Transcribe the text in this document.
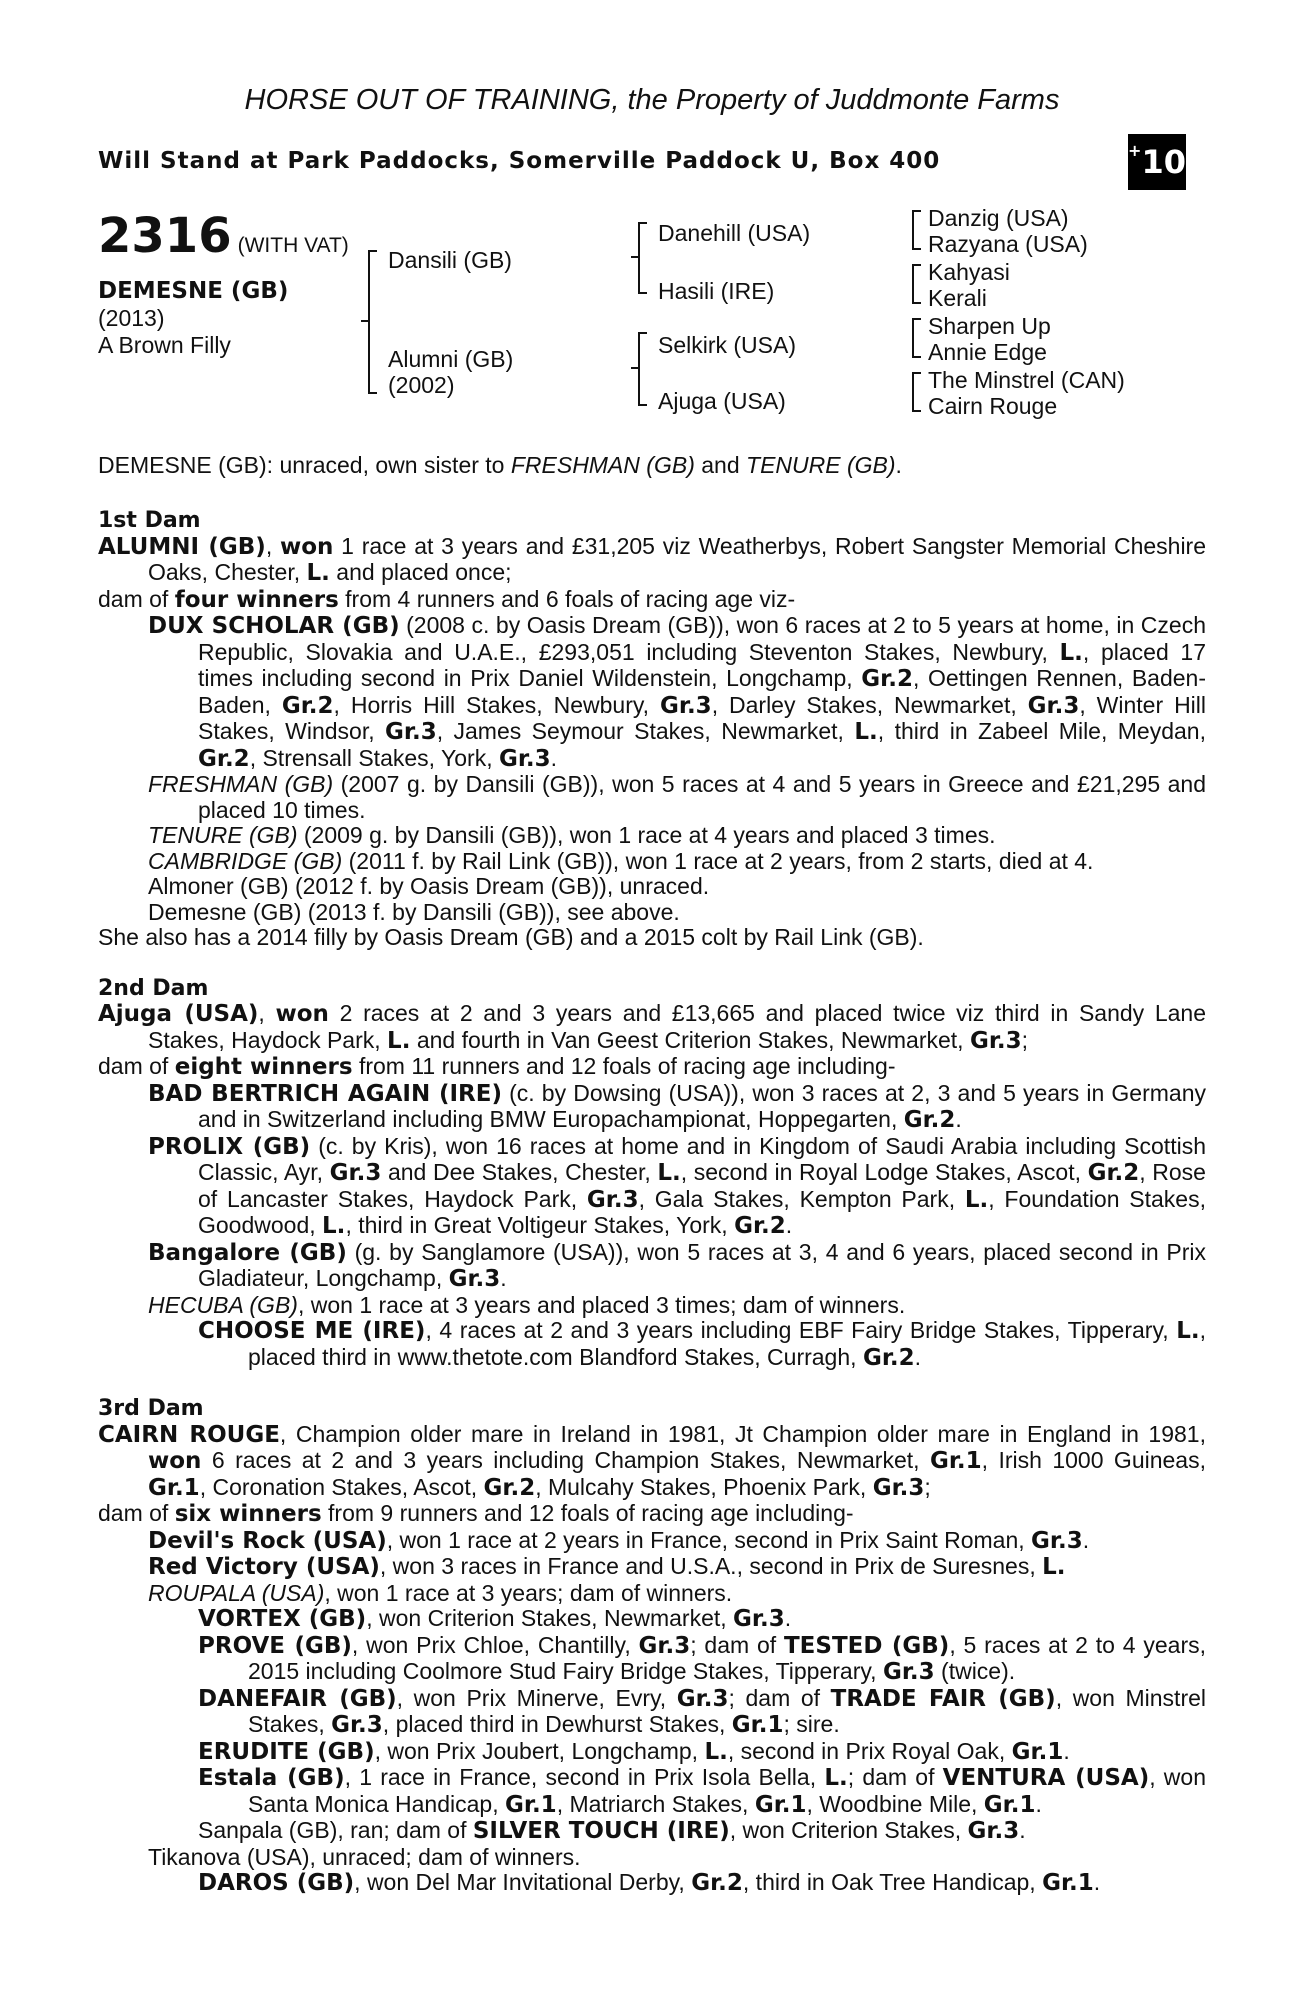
HORSE OUT OF TRAINING, the Property of Juddmonte Farms
Will Stand at Park Paddocks, Somerville Paddock U, Box 400	+10
2316 (WITH VAT)
DEMESNE (GB)
(2013)
A Brown Filly
Dansili (GB)
Alumni (GB)
(2002)
Danehill (USA)
Hasili (IRE)
Selkirk (USA)
Ajuga (USA)
Danzig (USA)
Razyana (USA)
Kahyasi
Kerali
Sharpen Up
Annie Edge
The Minstrel (CAN)
Cairn Rouge
DEMESNE (GB): unraced, own sister to FRESHMAN (GB) and TENURE (GB).
1st Dam

ALUMNI (GB), won 1 race at 3 years and £31,205 viz Weatherbys, Robert Sangster Memorial Cheshire Oaks, Chester, L. and placed once;

dam of four winners from 4 runners and 6 foals of racing age viz-

DUX SCHOLAR (GB) (2008 c. by Oasis Dream (GB)), won 6 races at 2 to 5 years at home, in Czech Republic, Slovakia and U.A.E., £293,051 including Steventon Stakes, Newbury, L., placed 17 times including second in Prix Daniel Wildenstein, Longchamp, Gr.2, Oettingen Rennen, Baden-Baden, Gr.2, Horris Hill Stakes, Newbury, Gr.3, Darley Stakes, Newmarket, Gr.3, Winter Hill Stakes, Windsor, Gr.3, James Seymour Stakes, Newmarket, L., third in Zabeel Mile, Meydan, Gr.2, Strensall Stakes, York, Gr.3.

FRESHMAN (GB) (2007 g. by Dansili (GB)), won 5 races at 4 and 5 years in Greece and £21,295 and placed 10 times.

TENURE (GB) (2009 g. by Dansili (GB)), won 1 race at 4 years and placed 3 times.

CAMBRIDGE (GB) (2011 f. by Rail Link (GB)), won 1 race at 2 years, from 2 starts, died at 4.

Almoner (GB) (2012 f. by Oasis Dream (GB)), unraced.

Demesne (GB) (2013 f. by Dansili (GB)), see above.

She also has a 2014 filly by Oasis Dream (GB) and a 2015 colt by Rail Link (GB).

2nd Dam

Ajuga (USA), won 2 races at 2 and 3 years and £13,665 and placed twice viz third in Sandy Lane Stakes, Haydock Park, L. and fourth in Van Geest Criterion Stakes, Newmarket, Gr.3;

dam of eight winners from 11 runners and 12 foals of racing age including-

BAD BERTRICH AGAIN (IRE) (c. by Dowsing (USA)), won 3 races at 2, 3 and 5 years in Germany and in Switzerland including BMW Europachampionat, Hoppegarten, Gr.2.

PROLIX (GB) (c. by Kris), won 16 races at home and in Kingdom of Saudi Arabia including Scottish Classic, Ayr, Gr.3 and Dee Stakes, Chester, L., second in Royal Lodge Stakes, Ascot, Gr.2, Rose of Lancaster Stakes, Haydock Park, Gr.3, Gala Stakes, Kempton Park, L., Foundation Stakes, Goodwood, L., third in Great Voltigeur Stakes, York, Gr.2.

Bangalore (GB) (g. by Sanglamore (USA)), won 5 races at 3, 4 and 6 years, placed second in Prix Gladiateur, Longchamp, Gr.3.

HECUBA (GB), won 1 race at 3 years and placed 3 times; dam of winners.

CHOOSE ME (IRE), 4 races at 2 and 3 years including EBF Fairy Bridge Stakes, Tipperary, L., placed third in www.thetote.com Blandford Stakes, Curragh, Gr.2.

3rd Dam

CAIRN ROUGE, Champion older mare in Ireland in 1981, Jt Champion older mare in England in 1981, won 6 races at 2 and 3 years including Champion Stakes, Newmarket, Gr.1, Irish 1000 Guineas, Gr.1, Coronation Stakes, Ascot, Gr.2, Mulcahy Stakes, Phoenix Park, Gr.3;

dam of six winners from 9 runners and 12 foals of racing age including-

Devil's Rock (USA), won 1 race at 2 years in France, second in Prix Saint Roman, Gr.3.

Red Victory (USA), won 3 races in France and U.S.A., second in Prix de Suresnes, L.

ROUPALA (USA), won 1 race at 3 years; dam of winners.

VORTEX (GB), won Criterion Stakes, Newmarket, Gr.3.

PROVE (GB), won Prix Chloe, Chantilly, Gr.3; dam of TESTED (GB), 5 races at 2 to 4 years, 2015 including Coolmore Stud Fairy Bridge Stakes, Tipperary, Gr.3 (twice).

DANEFAIR (GB), won Prix Minerve, Evry, Gr.3; dam of TRADE FAIR (GB), won Minstrel Stakes, Gr.3, placed third in Dewhurst Stakes, Gr.1; sire.

ERUDITE (GB), won Prix Joubert, Longchamp, L., second in Prix Royal Oak, Gr.1.

Estala (GB), 1 race in France, second in Prix Isola Bella, L.; dam of VENTURA (USA), won Santa Monica Handicap, Gr.1, Matriarch Stakes, Gr.1, Woodbine Mile, Gr.1.

Sanpala (GB), ran; dam of SILVER TOUCH (IRE), won Criterion Stakes, Gr.3.

Tikanova (USA), unraced; dam of winners.

DAROS (GB), won Del Mar Invitational Derby, Gr.2, third in Oak Tree Handicap, Gr.1.
